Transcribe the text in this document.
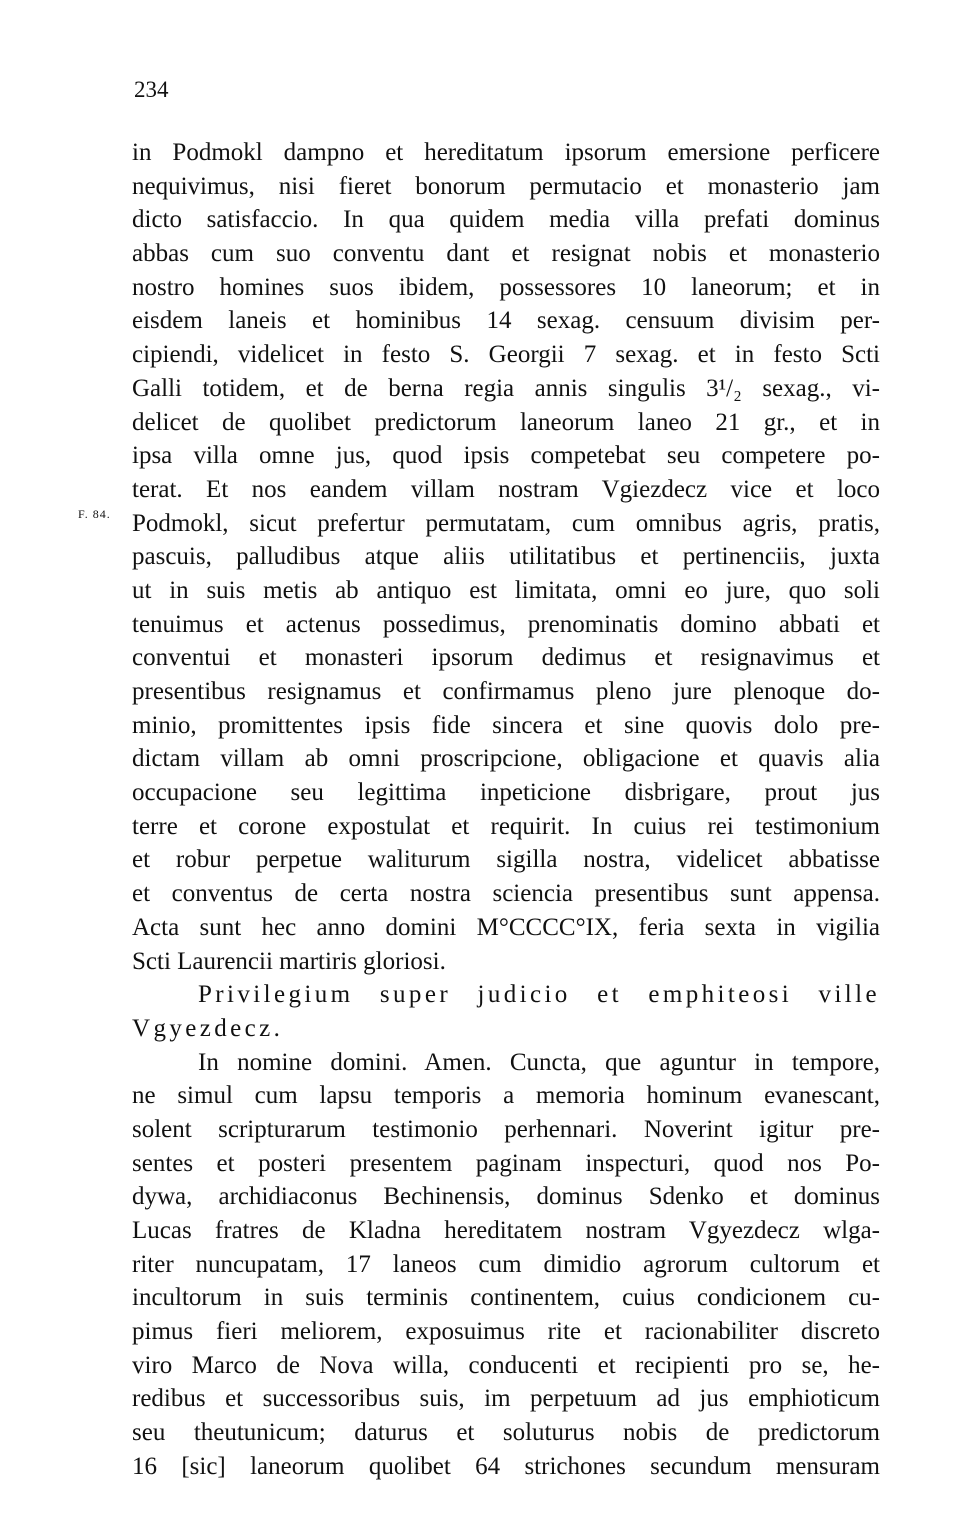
234
F. 84.
in Podmokl dampno et hereditatum ipsorum emersione perficere
nequivimus, nisi fieret bonorum permutacio et monasterio jam
dicto satisfaccio. In qua quidem media villa prefati dominus
abbas cum suo conventu dant et resignat nobis et monasterio
nostro homines suos ibidem, possessores 10 laneorum; et in
eisdem laneis et hominibus 14 sexag. censuum divisim per-
cipiendi, videlicet in festo S. Georgii 7 sexag. et in festo Scti
Galli totidem, et de berna regia annis singulis 3¹/₂ sexag., vi-
delicet de quolibet predictorum laneorum laneo 21 gr., et in
ipsa villa omne jus, quod ipsis competebat seu competere po-
terat. Et nos eandem villam nostram Vgiezdecz vice et loco
Podmokl, sicut prefertur permutatam, cum omnibus agris, pratis,
pascuis, palludibus atque aliis utilitatibus et pertinenciis, juxta
ut in suis metis ab antiquo est limitata, omni eo jure, quo soli
tenuimus et actenus possedimus, prenominatis domino abbati et
conventui et monasteri ipsorum dedimus et resignavimus et
presentibus resignamus et confirmamus pleno jure plenoque do-
minio, promittentes ipsis fide sincera et sine quovis dolo pre-
dictam villam ab omni proscripcione, obligacione et quavis alia
occupacione seu legittima inpeticione disbrigare, prout jus
terre et corone expostulat et requirit. In cuius rei testimonium
et robur perpetue waliturum sigilla nostra, videlicet abbatisse
et conventus de certa nostra sciencia presentibus sunt appensa.
Acta sunt hec anno domini M°CCCC°IX, feria sexta in vigilia
Scti Laurencii martiris gloriosi.
Privilegium super judicio et emphiteosi ville
Vgyezdecz.
In nomine domini. Amen. Cuncta, que aguntur in tempore,
ne simul cum lapsu temporis a memoria hominum evanescant,
solent scripturarum testimonio perhennari. Noverint igitur pre-
sentes et posteri presentem paginam inspecturi, quod nos Po-
dywa, archidiaconus Bechinensis, dominus Sdenko et dominus
Lucas fratres de Kladna hereditatem nostram Vgyezdecz wlga-
riter nuncupatam, 17 laneos cum dimidio agrorum cultorum et
incultorum in suis terminis continentem, cuius condicionem cu-
pimus fieri meliorem, exposuimus rite et racionabiliter discreto
viro Marco de Nova willa, conducenti et recipienti pro se, he-
redibus et successoribus suis, im perpetuum ad jus emphioticum
seu theutunicum; daturus et soluturus nobis de predictorum
16 [sic] laneorum quolibet 64 strichones secundum mensuram
